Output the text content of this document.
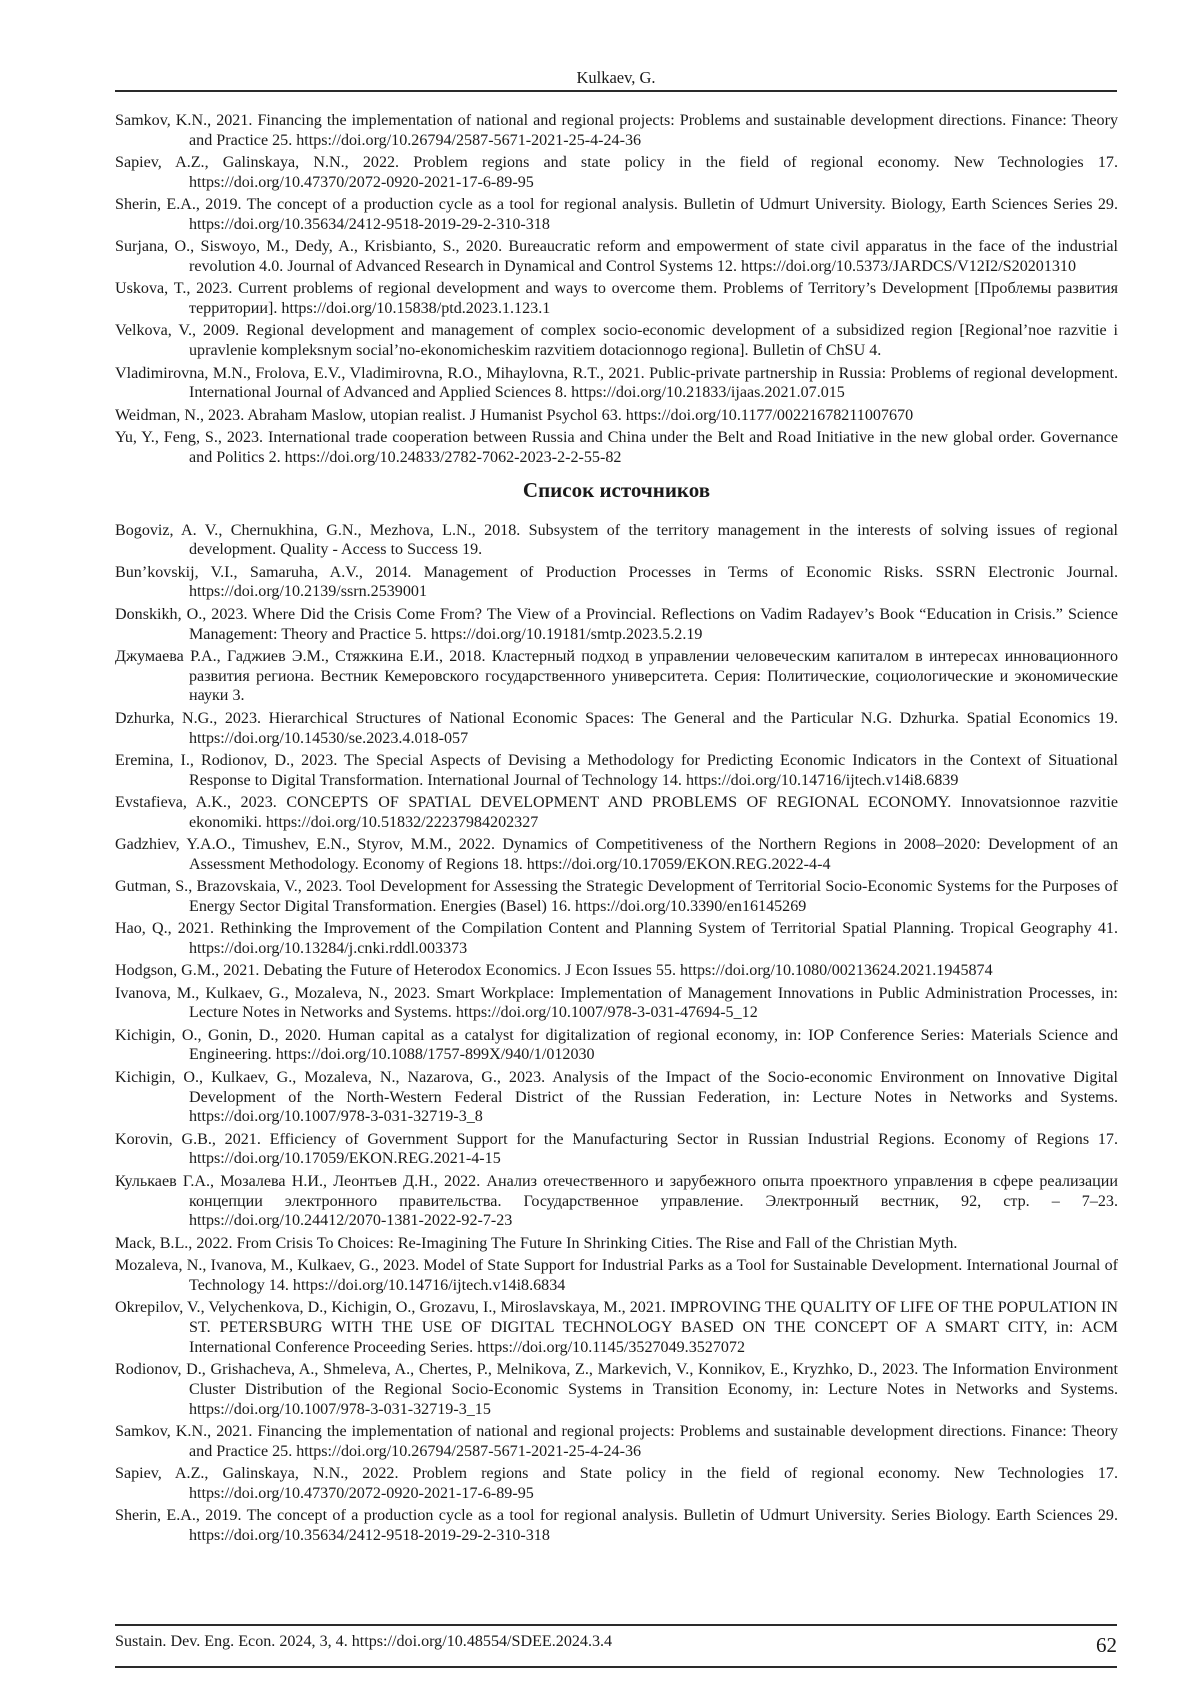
Kulkaev, G.

Samkov, K.N., 2021. Financing the implementation of national and regional projects: Problems and sustainable development directions. Finance: Theory and Practice 25. https://doi.org/10.26794/2587-5671-2021-25-4-24-36

Sapiev, A.Z., Galinskaya, N.N., 2022. Problem regions and state policy in the field of regional economy. New Technologies 17. https://doi.org/10.47370/2072-0920-2021-17-6-89-95

Sherin, E.A., 2019. The concept of a production cycle as a tool for regional analysis. Bulletin of Udmurt University. Biology, Earth Sciences Series 29. https://doi.org/10.35634/2412-9518-2019-29-2-310-318

Surjana, O., Siswoyo, M., Dedy, A., Krisbianto, S., 2020. Bureaucratic reform and empowerment of state civil apparatus in the face of the industrial revolution 4.0. Journal of Advanced Research in Dynamical and Control Systems 12. https://doi.org/10.5373/JARDCS/V12I2/S20201310

Uskova, T., 2023. Current problems of regional development and ways to overcome them. Problems of Territory’s Development [Проблемы развития территории]. https://doi.org/10.15838/ptd.2023.1.123.1

Velkova, V., 2009. Regional development and management of complex socio-economic development of a subsidized region [Regional’noe razvitie i upravlenie kompleksnym social’no-ekonomicheskim razvitiem dotacionnogo regiona]. Bulletin of ChSU 4.

Vladimirovna, M.N., Frolova, E.V., Vladimirovna, R.O., Mihaylovna, R.T., 2021. Public-private partnership in Russia: Problems of regional development. International Journal of Advanced and Applied Sciences 8. https://doi.org/10.21833/ijaas.2021.07.015

Weidman, N., 2023. Abraham Maslow, utopian realist. J Humanist Psychol 63. https://doi.org/10.1177/00221678211007670

Yu, Y., Feng, S., 2023. International trade cooperation between Russia and China under the Belt and Road Initiative in the new global order. Governance and Politics 2. https://doi.org/10.24833/2782-7062-2023-2-2-55-82

Список источников

Bogoviz, A. V., Chernukhina, G.N., Mezhova, L.N., 2018. Subsystem of the territory management in the interests of solving issues of regional development. Quality - Access to Success 19.

Bun’kovskij, V.I., Samaruha, A.V., 2014. Management of Production Processes in Terms of Economic Risks. SSRN Electronic Journal. https://doi.org/10.2139/ssrn.2539001

Donskikh, O., 2023. Where Did the Crisis Come From? The View of a Provincial. Reflections on Vadim Radayev’s Book “Education in Crisis.” Science Management: Theory and Practice 5. https://doi.org/10.19181/smtp.2023.5.2.19

Джумаева Р.А., Гаджиев Э.М., Стяжкина Е.И., 2018. Кластерный подход в управлении человеческим капиталом в интересах инновационного развития региона. Вестник Кемеровского государственного университета. Серия: Политические, социологические и экономические науки 3.

Dzhurka, N.G., 2023. Hierarchical Structures of National Economic Spaces: The General and the Particular N.G. Dzhurka. Spatial Economics 19. https://doi.org/10.14530/se.2023.4.018-057

Eremina, I., Rodionov, D., 2023. The Special Aspects of Devising a Methodology for Predicting Economic Indicators in the Context of Situational Response to Digital Transformation. International Journal of Technology 14. https://doi.org/10.14716/ijtech.v14i8.6839

Evstafieva, A.K., 2023. CONCEPTS OF SPATIAL DEVELOPMENT AND PROBLEMS OF REGIONAL ECONOMY. Innovatsionnoe razvitie ekonomiki. https://doi.org/10.51832/22237984202327

Gadzhiev, Y.A.O., Timushev, E.N., Styrov, M.M., 2022. Dynamics of Competitiveness of the Northern Regions in 2008–2020: Development of an Assessment Methodology. Economy of Regions 18. https://doi.org/10.17059/EKON.REG.2022-4-4

Gutman, S., Brazovskaia, V., 2023. Tool Development for Assessing the Strategic Development of Territorial Socio-Economic Systems for the Purposes of Energy Sector Digital Transformation. Energies (Basel) 16. https://doi.org/10.3390/en16145269

Hao, Q., 2021. Rethinking the Improvement of the Compilation Content and Planning System of Territorial Spatial Planning. Tropical Geography 41. https://doi.org/10.13284/j.cnki.rddl.003373

Hodgson, G.M., 2021. Debating the Future of Heterodox Economics. J Econ Issues 55. https://doi.org/10.1080/00213624.2021.1945874

Ivanova, M., Kulkaev, G., Mozaleva, N., 2023. Smart Workplace: Implementation of Management Innovations in Public Administration Processes, in: Lecture Notes in Networks and Systems. https://doi.org/10.1007/978-3-031-47694-5_12

Kichigin, O., Gonin, D., 2020. Human capital as a catalyst for digitalization of regional economy, in: IOP Conference Series: Materials Science and Engineering. https://doi.org/10.1088/1757-899X/940/1/012030

Kichigin, O., Kulkaev, G., Mozaleva, N., Nazarova, G., 2023. Analysis of the Impact of the Socio-economic Environment on Innovative Digital Development of the North-Western Federal District of the Russian Federation, in: Lecture Notes in Networks and Systems. https://doi.org/10.1007/978-3-031-32719-3_8

Korovin, G.B., 2021. Efficiency of Government Support for the Manufacturing Sector in Russian Industrial Regions. Economy of Regions 17. https://doi.org/10.17059/EKON.REG.2021-4-15

Кулькаев Г.А., Мозалева Н.И., Леонтьев Д.Н., 2022. Анализ отечественного и зарубежного опыта проектного управления в сфере реализации концепции электронного правительства. Государственное управление. Электронный вестник, 92, стр. – 7–23. https://doi.org/10.24412/2070-1381-2022-92-7-23

Mack, B.L., 2022. From Crisis To Choices: Re-Imagining The Future In Shrinking Cities. The Rise and Fall of the Christian Myth.

Mozaleva, N., Ivanova, M., Kulkaev, G., 2023. Model of State Support for Industrial Parks as a Tool for Sustainable Development. International Journal of Technology 14. https://doi.org/10.14716/ijtech.v14i8.6834

Okrepilov, V., Velychenkova, D., Kichigin, O., Grozavu, I., Miroslavskaya, M., 2021. IMPROVING THE QUALITY OF LIFE OF THE POPULATION IN ST. PETERSBURG WITH THE USE OF DIGITAL TECHNOLOGY BASED ON THE CONCEPT OF A SMART CITY, in: ACM International Conference Proceeding Series. https://doi.org/10.1145/3527049.3527072

Rodionov, D., Grishacheva, A., Shmeleva, A., Chertes, P., Melnikova, Z., Markevich, V., Konnikov, E., Kryzhko, D., 2023. The Information Environment Cluster Distribution of the Regional Socio-Economic Systems in Transition Economy, in: Lecture Notes in Networks and Systems. https://doi.org/10.1007/978-3-031-32719-3_15

Samkov, K.N., 2021. Financing the implementation of national and regional projects: Problems and sustainable development directions. Finance: Theory and Practice 25. https://doi.org/10.26794/2587-5671-2021-25-4-24-36

Sapiev, A.Z., Galinskaya, N.N., 2022. Problem regions and State policy in the field of regional economy. New Technologies 17. https://doi.org/10.47370/2072-0920-2021-17-6-89-95

Sherin, E.A., 2019. The concept of a production cycle as a tool for regional analysis. Bulletin of Udmurt University. Series Biology. Earth Sciences 29. https://doi.org/10.35634/2412-9518-2019-29-2-310-318

Sustain. Dev. Eng. Econ. 2024, 3, 4. https://doi.org/10.48554/SDEE.2024.3.4	62
